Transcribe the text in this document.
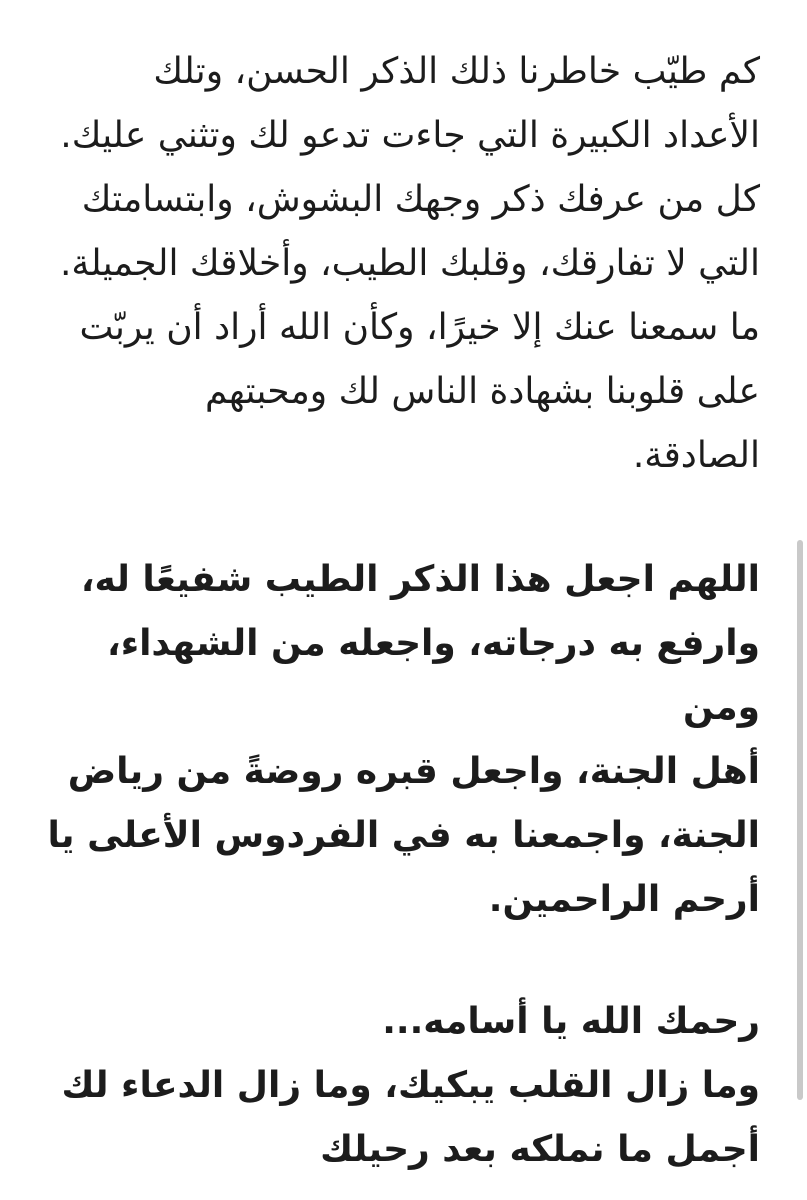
كم طيّب خاطرنا ذلك الذكر الحسن، وتلك
الأعداد الكبيرة التي جاءت تدعو لك وتثني عليك.
كل من عرفك ذكر وجهك البشوش، وابتسامتك
التي لا تفارقك، وقلبك الطيب، وأخلاقك الجميلة.
ما سمعنا عنك إلا خيرًا، وكأن الله أراد أن يربّت
على قلوبنا بشهادة الناس لك ومحبتهم
الصادقة.

اللهم اجعل هذا الذكر الطيب شفيعًا له،
وارفع به درجاته، واجعله من الشهداء، ومن
أهل الجنة، واجعل قبره روضةً من رياض
الجنة، واجمعنا به في الفردوس الأعلى يا
أرحم الراحمين.

رحمك الله يا أسامه...
وما زال القلب يبكيك، وما زال الدعاء لك
أجمل ما نملكه بعد رحيلك
